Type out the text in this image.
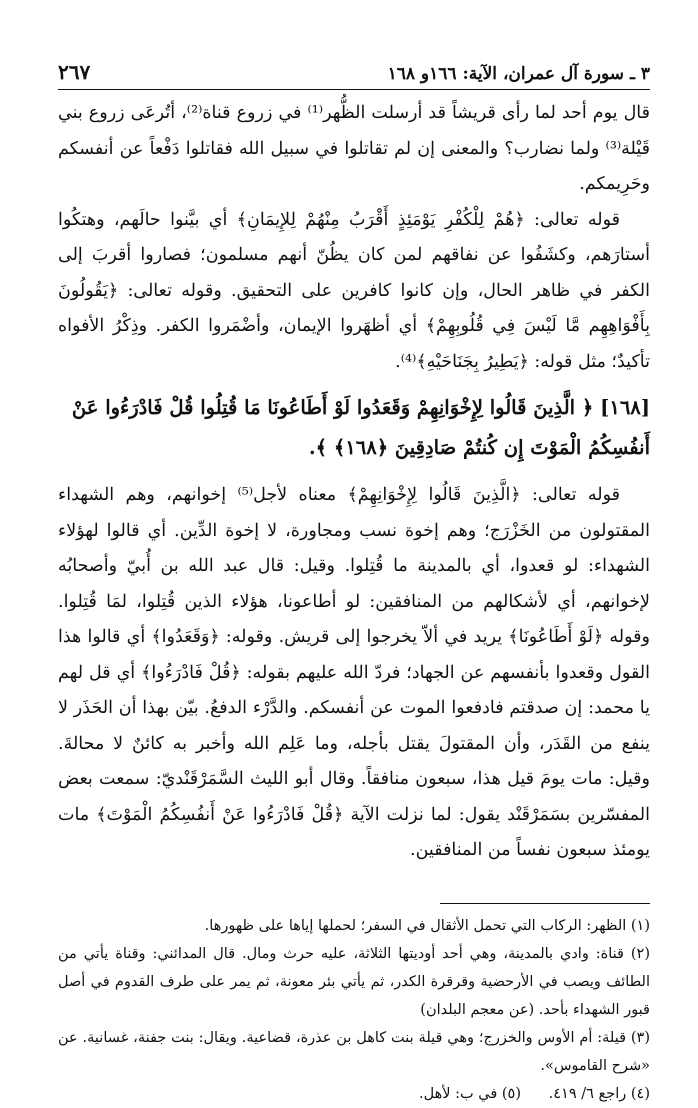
٣ ـ سورة آل عمران، الآية: ١٦٦و ١٦٨
٢٦٧

قال يوم أحد لما رأى قريشاً قد أرسلت الظُّهر⁽¹⁾ في زروع قناة⁽²⁾، أتُرعَى زروع بني قَيْلة⁽³⁾ ولما نضارب؟ والمعنى إن لم تقاتلوا في سبيل الله فقاتلوا دَفْعاً عن أنفسكم وحَرِيمكم.

قوله تعالى: ﴿هُمْ لِلْكُفْرِ يَوْمَئِذٍ أَقْرَبُ مِنْهُمْ لِلإِيمَانِ﴾ أي بيَّنوا حالَهم، وهتكُوا أستارَهم، وكشَفُوا عن نفاقهم لمن كان يظُنّ أنهم مسلمون؛ فصاروا أقربَ إلى الكفر في ظاهر الحال، وإن كانوا كافرين على التحقيق. وقوله تعالى: ﴿يَقُولُونَ بِأَفْوَاهِهِم مَّا لَيْسَ فِي قُلُوبِهِمْ﴾ أي أظهَروا الإيمان، وأضْمَروا الكفر. وذِكْرُ الأفواه تأكيدٌ؛ مثل قوله: ﴿يَطِيرُ بِجَنَاحَيْهِ﴾⁽⁴⁾.

[١٦٨] ﴿ الَّذِينَ قَالُوا لِإِخْوَانِهِمْ وَقَعَدُوا لَوْ أَطَاعُونَا مَا قُتِلُوا قُلْ فَادْرَءُوا عَنْ أَنفُسِكُمُ الْمَوْتَ إِن كُنتُمْ صَادِقِينَ ﴿١٦٨﴾ ﴾.

قوله تعالى: ﴿الَّذِينَ قَالُوا لِإِخْوَانِهِمْ﴾ معناه لأجل⁽⁵⁾ إخوانهم، وهم الشهداء المقتولون من الخَزْرَج؛ وهم إخوة نسب ومجاورة، لا إخوة الدِّين. أي قالوا لهؤلاء الشهداء: لو قعدوا، أي بالمدينة ما قُتِلوا. وقيل: قال عبد الله بن أُبيّ وأصحابُه لإخوانهم، أي لأشكالهم من المنافقين: لو أطاعونا، هؤلاء الذين قُتِلوا، لمَا قُتِلوا. وقوله ﴿لَوْ أَطَاعُونَا﴾ يريد في ألاّ يخرجوا إلى قريش. وقوله: ﴿وَقَعَدُوا﴾ أي قالوا هذا القول وقعدوا بأنفسهم عن الجهاد؛ فردّ الله عليهم بقوله: ﴿قُلْ فَادْرَءُوا﴾ أي قل لهم يا محمد: إن صدقتم فادفعوا الموت عن أنفسكم. والدَّرْء الدفعُ. بيّن بهذا أن الحَذَر لا ينفع من القَدَر، وأن المقتولَ يقتل بأجله، وما عَلِم الله وأخبر به كائنٌ لا محالةَ. وقيل: مات يومَ قيل هذا، سبعون منافقاً. وقال أبو الليث السَّمَرْقَنْديّ: سمعت بعض المفسّرين بسَمَرْقَنْد يقول: لما نزلت الآية ﴿قُلْ فَادْرَءُوا عَنْ أَنفُسِكُمُ الْمَوْتَ﴾ مات يومئذ سبعون نفساً من المنافقين.

(١) الظهر: الركاب التي تحمل الأثقال في السفر؛ لحملها إياها على ظهورها.

(٢) قناة: وادي بالمدينة، وهي أحد أوديتها الثلاثة، عليه حرث ومال. قال المدائني: وقناة يأتي من الطائف ويصب في الأرحضية وقرقرة الكدر، ثم يأتي بئر معونة، ثم يمر على طرف القدوم في أصل قبور الشهداء بأحد. (عن معجم البلدان)

(٣) قيلة: أم الأوس والخزرج؛ وهي قيلة بنت كاهل بن عذرة، قضاعية. ويقال: بنت جفنة، غسانية. عن «شرح القاموس».

(٤) راجع ٦/ ٤١٩.      (٥) في ب: لأهل.
